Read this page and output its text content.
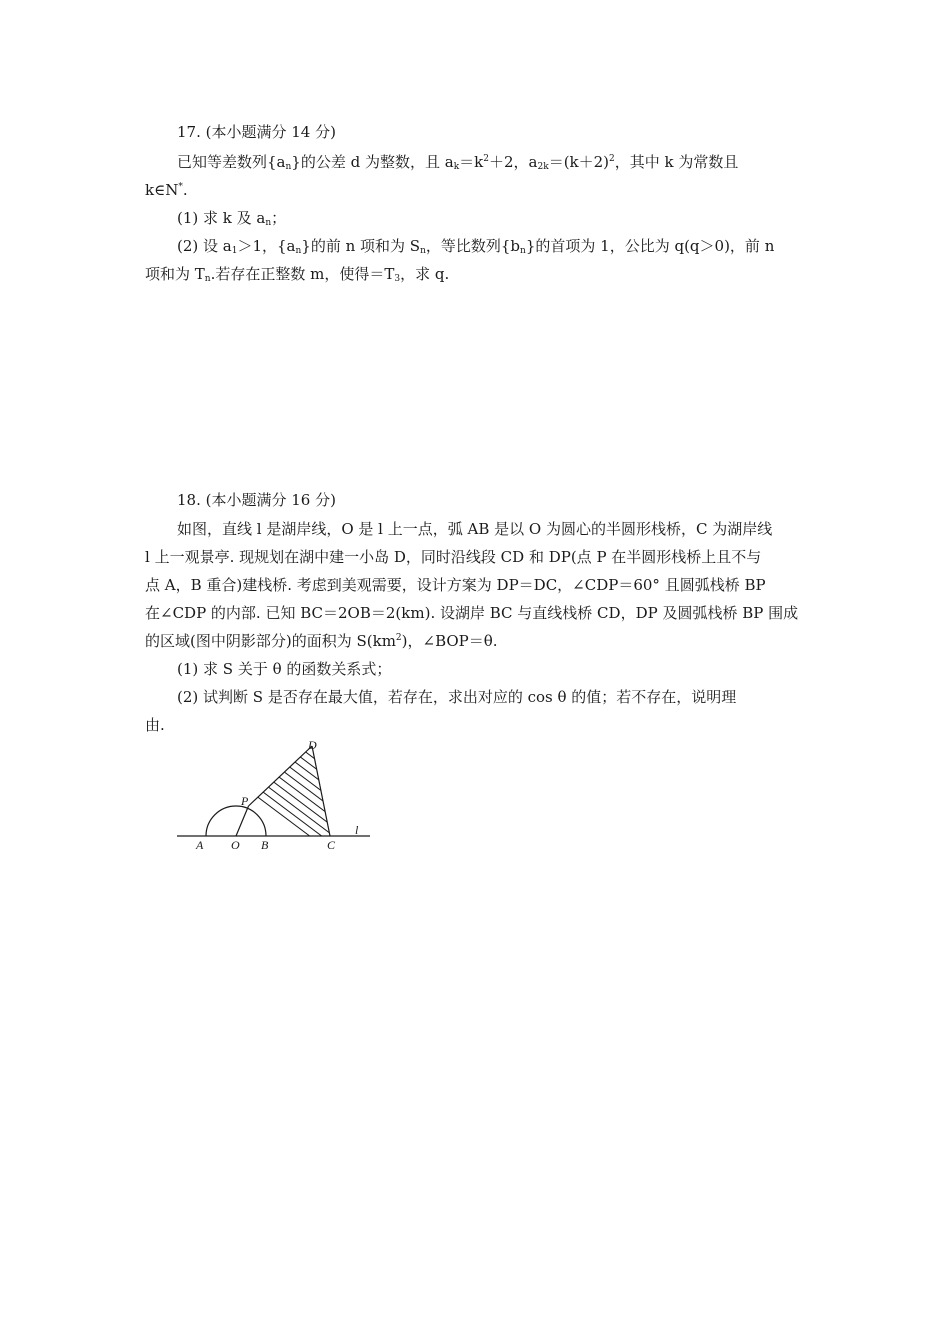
17. (本小题满分 14 分)
已知等差数列$\{a_n\}$的公差 d 为整数，且 $a_k=k^2+2$，$a_{2k}=(k+2)^2$，其中 k 为常数且
k∈N*.
(1) 求 k 及 $a_n$；
(2) 设 $a_1>1$，$\{a_n\}$的前 n 项和为 $S_n$，等比数列$\{b_n\}$的首项为 1，公比为 q(q＞0)，前 n
项和为 $T_n$.若存在正整数 m，使得$=T_3$，求 q.
18. (本小题满分 16 分)
如图，直线 l 是湖岸线，O 是 l 上一点，弧 AB 是以 O 为圆心的半圆形栈桥，C 为湖岸线
l 上一观景亭. 现规划在湖中建一小岛 D，同时沿线段 CD 和 DP(点 P 在半圆形栈桥上且不与
点 A，B 重合)建栈桥. 考虑到美观需要，设计方案为 DP＝DC，∠CDP＝60° 且圆弧栈桥 BP
在∠CDP 的内部. 已知 BC＝2OB＝2(km). 设湖岸 BC 与直线栈桥 CD，DP 及圆弧栈桥 BP 围成
的区域(图中阴影部分)的面积为 $S(km^2)$，∠BOP＝θ.
(1) 求 S 关于 θ 的函数关系式；
(2) 试判断 S 是否存在最大值，若存在，求出对应的 cos θ 的值；若不存在，说明理
由.
A O B	C
P
D
l
